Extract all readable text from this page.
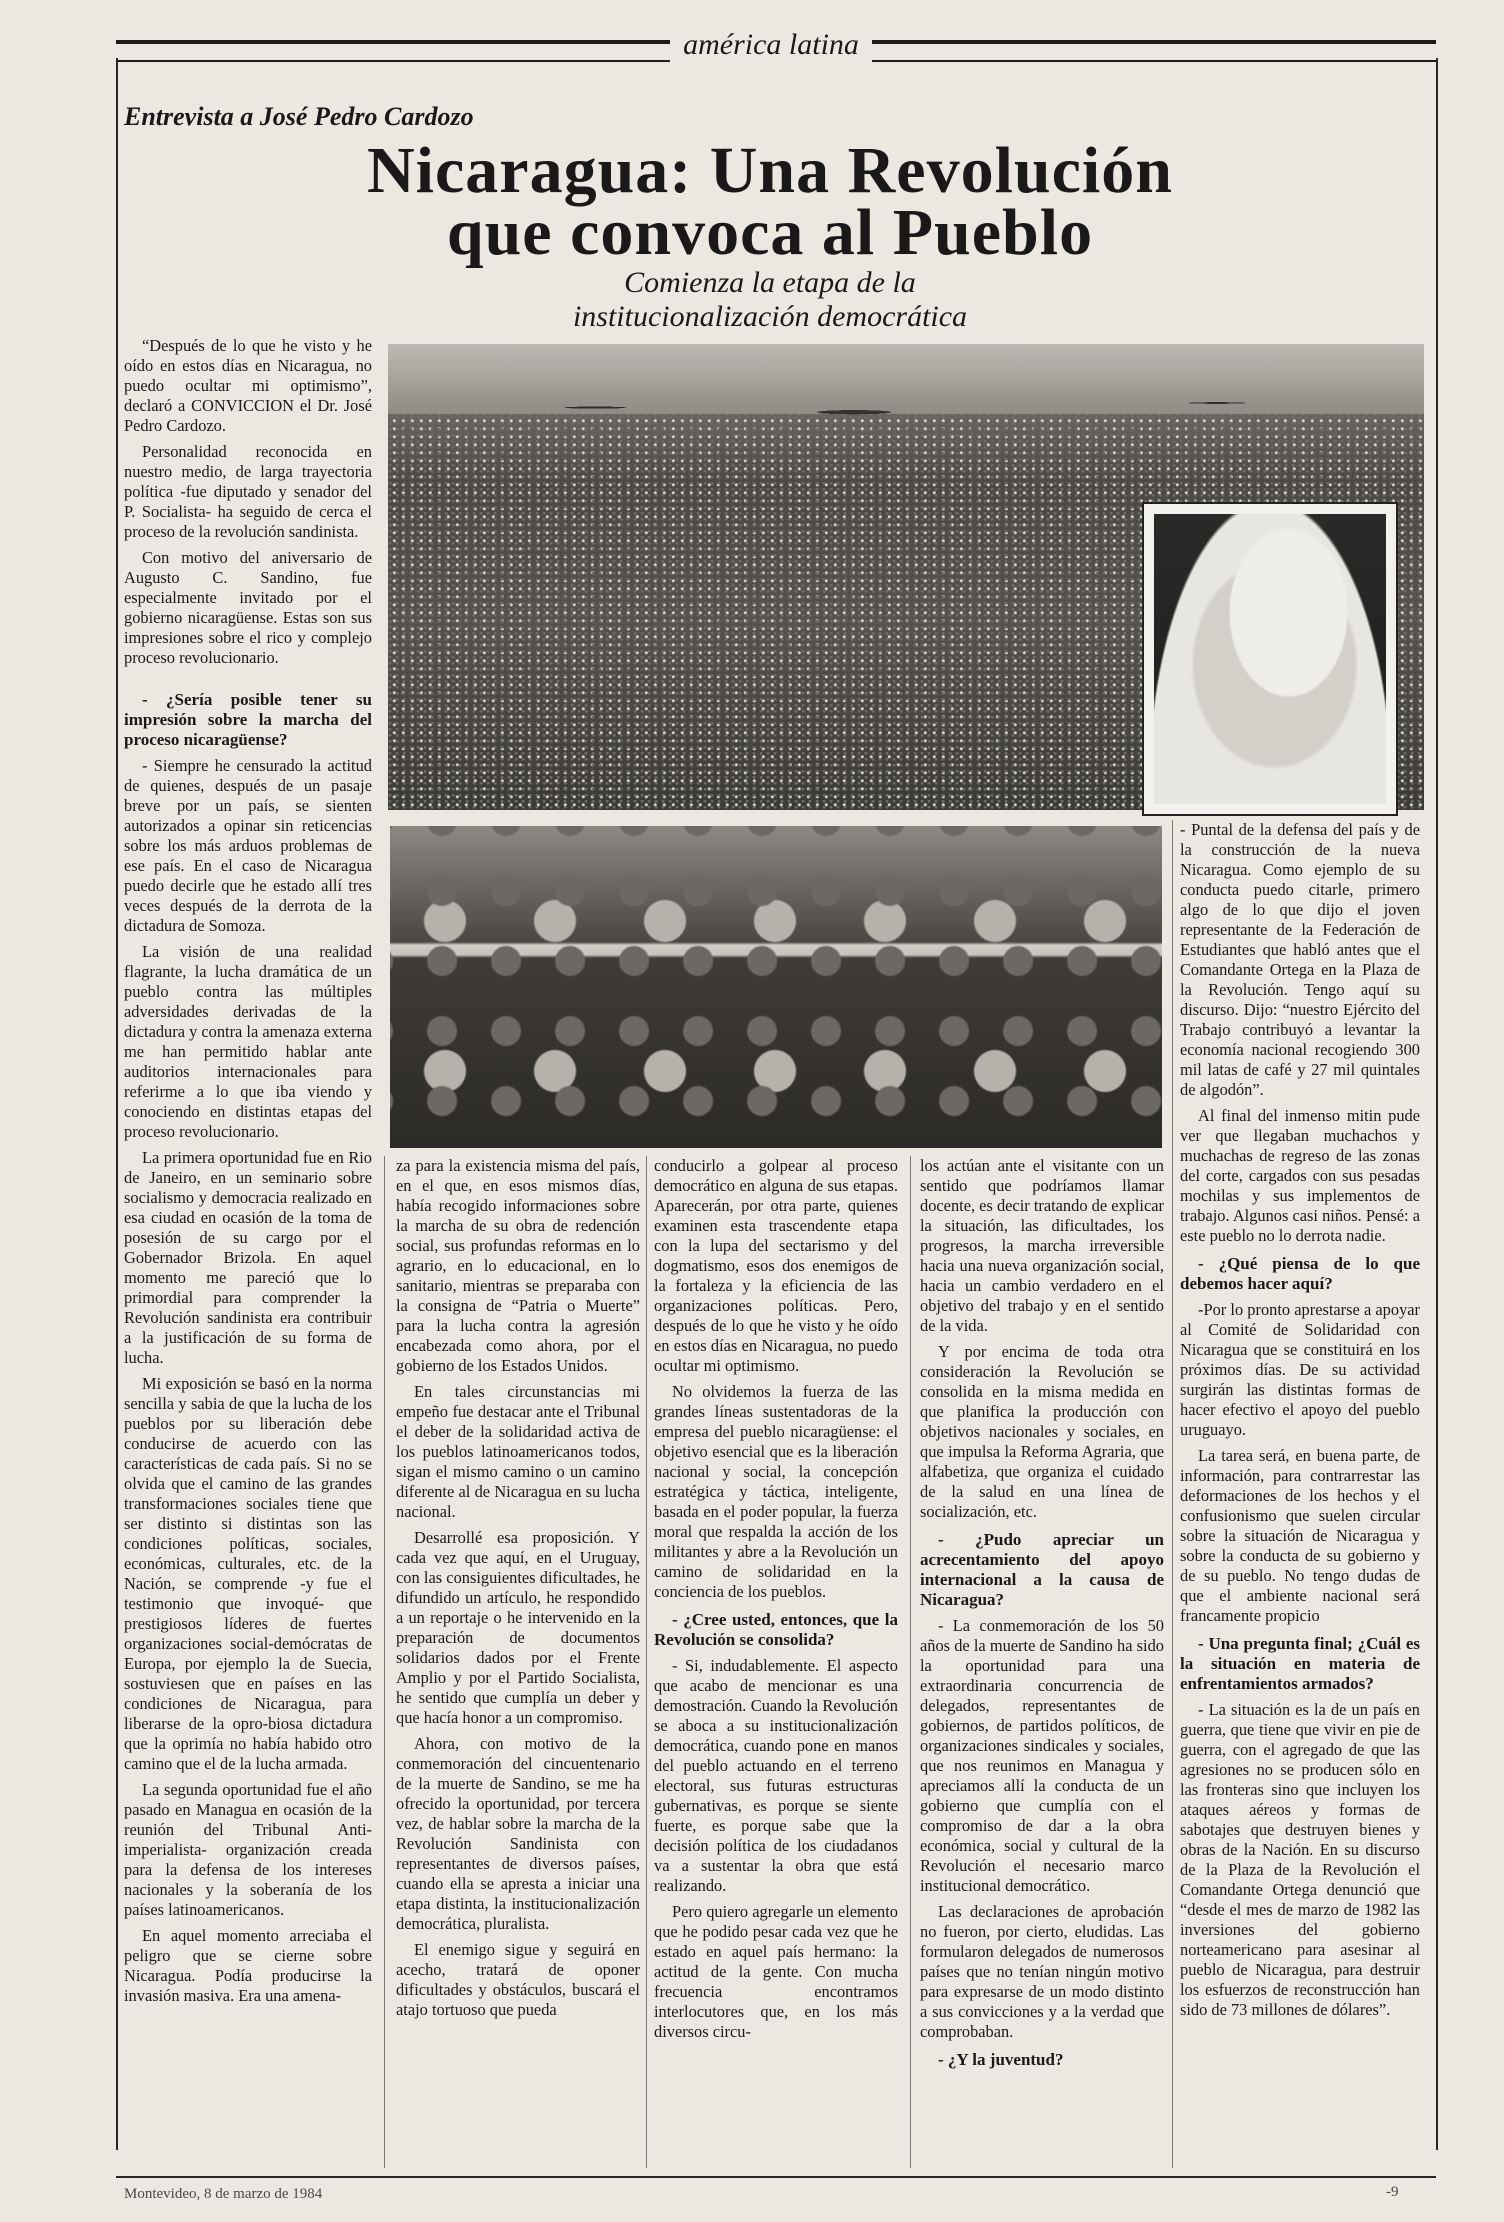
américa latina
Entrevista a José Pedro Cardozo
Nicaragua: Una Revolución
que convoca al Pueblo
Comienza la etapa de la
institucionalización democrática

“Después de lo que he visto y he oído en estos días en Nicaragua, no puedo ocultar mi optimismo”, declaró a CONVICCION el Dr. José Pedro Cardozo.

Personalidad reconocida en nuestro medio, de larga trayectoria política -fue diputado y senador del P. Socialista- ha seguido de cerca el proceso de la revolución sandinista.

Con motivo del aniversario de Augusto C. Sandino, fue especialmente invitado por el gobierno nicaragüense. Estas son sus impresiones sobre el rico y complejo proceso revolucionario.

- ¿Sería posible tener su impresión sobre la marcha del proceso nicaragüense?

- Siempre he censurado la actitud de quienes, después de un pasaje breve por un país, se sienten autorizados a opinar sin reticencias sobre los más arduos problemas de ese país. En el caso de Nicaragua puedo decirle que he estado allí tres veces después de la derrota de la dictadura de Somoza.

La visión de una realidad flagrante, la lucha dramática de un pueblo contra las múltiples adversidades derivadas de la dictadura y contra la amenaza externa me han permitido hablar ante auditorios internacionales para referirme a lo que iba viendo y conociendo en distintas etapas del proceso revolucionario.

La primera oportunidad fue en Rio de Janeiro, en un seminario sobre socialismo y democracia realizado en esa ciudad en ocasión de la toma de posesión de su cargo por el Gobernador Brizola. En aquel momento me pareció que lo primordial para comprender la Revolución sandinista era contribuir a la justificación de su forma de lucha.

Mi exposición se basó en la norma sencilla y sabia de que la lucha de los pueblos por su liberación debe conducirse de acuerdo con las características de cada país. Si no se olvida que el camino de las grandes transformaciones sociales tiene que ser distinto si distintas son las condiciones políticas, sociales, económicas, culturales, etc. de la Nación, se comprende -y fue el testimonio que invoqué- que prestigiosos líderes de fuertes organizaciones social-demócratas de Europa, por ejemplo la de Suecia, sostuviesen que en países en las condiciones de Nicaragua, para liberarse de la opro-biosa dictadura que la oprimía no había habido otro camino que el de la lucha armada.

La segunda oportunidad fue el año pasado en Managua en ocasión de la reunión del Tribunal Anti-imperialista- organización creada para la defensa de los intereses nacionales y la soberanía de los países latinoamericanos.

En aquel momento arreciaba el peligro que se cierne sobre Nicaragua. Podía producirse la invasión masiva. Era una amena-

za para la existencia misma del país, en el que, en esos mismos días, había recogido informaciones sobre la marcha de su obra de redención social, sus profundas reformas en lo agrario, en lo educacional, en lo sanitario, mientras se preparaba con la consigna de “Patria o Muerte” para la lucha contra la agresión encabezada como ahora, por el gobierno de los Estados Unidos.

En tales circunstancias mi empeño fue destacar ante el Tribunal el deber de la solidaridad activa de los pueblos latinoamericanos todos, sigan el mismo camino o un camino diferente al de Nicaragua en su lucha nacional.

Desarrollé esa proposición. Y cada vez que aquí, en el Uruguay, con las consiguientes dificultades, he difundido un artículo, he respondido a un reportaje o he intervenido en la preparación de documentos solidarios dados por el Frente Amplio y por el Partido Socialista, he sentido que cumplía un deber y que hacía honor a un compromiso.

Ahora, con motivo de la conmemoración del cincuentenario de la muerte de Sandino, se me ha ofrecido la oportunidad, por tercera vez, de hablar sobre la marcha de la Revolución Sandinista con representantes de diversos países, cuando ella se apresta a iniciar una etapa distinta, la institucionalización democrática, pluralista.

El enemigo sigue y seguirá en acecho, tratará de oponer dificultades y obstáculos, buscará el atajo tortuoso que pueda

conducirlo a golpear al proceso democrático en alguna de sus etapas. Aparecerán, por otra parte, quienes examinen esta trascendente etapa con la lupa del sectarismo y del dogmatismo, esos dos enemigos de la fortaleza y la eficiencia de las organizaciones políticas. Pero, después de lo que he visto y he oído en estos días en Nicaragua, no puedo ocultar mi optimismo.

No olvidemos la fuerza de las grandes líneas sustentadoras de la empresa del pueblo nicaragüense: el objetivo esencial que es la liberación nacional y social, la concepción estratégica y táctica, inteligente, basada en el poder popular, la fuerza moral que respalda la acción de los militantes y abre a la Revolución un camino de solidaridad en la conciencia de los pueblos.

- ¿Cree usted, entonces, que la Revolución se consolida?

- Si, indudablemente. El aspecto que acabo de mencionar es una demostración. Cuando la Revolución se aboca a su institucionalización democrática, cuando pone en manos del pueblo actuando en el terreno electoral, sus futuras estructuras gubernativas, es porque se siente fuerte, es porque sabe que la decisión política de los ciudadanos va a sustentar la obra que está realizando.

Pero quiero agregarle un elemento que he podido pesar cada vez que he estado en aquel país hermano: la actitud de la gente. Con mucha frecuencia encontramos interlocutores que, en los más diversos circu-

los actúan ante el visitante con un sentido que podríamos llamar docente, es decir tratando de explicar la situación, las dificultades, los progresos, la marcha irreversible hacia una nueva organización social, hacia un cambio verdadero en el objetivo del trabajo y en el sentido de la vida.

Y por encima de toda otra consideración la Revolución se consolida en la misma medida en que planifica la producción con objetivos nacionales y sociales, en que impulsa la Reforma Agraria, que alfabetiza, que organiza el cuidado de la salud en una línea de socialización, etc.

- ¿Pudo apreciar un acrecentamiento del apoyo internacional a la causa de Nicaragua?

- La conmemoración de los 50 años de la muerte de Sandino ha sido la oportunidad para una extraordinaria concurrencia de delegados, representantes de gobiernos, de partidos políticos, de organizaciones sindicales y sociales, que nos reunimos en Managua y apreciamos allí la conducta de un gobierno que cumplía con el compromiso de dar a la obra económica, social y cultural de la Revolución el necesario marco institucional democrático.

Las declaraciones de aprobación no fueron, por cierto, eludidas. Las formularon delegados de numerosos países que no tenían ningún motivo para expresarse de un modo distinto a sus convicciones y a la verdad que comprobaban.

- ¿Y la juventud?

- Puntal de la defensa del país y de la construcción de la nueva Nicaragua. Como ejemplo de su conducta puedo citarle, primero algo de lo que dijo el joven representante de la Federación de Estudiantes que habló antes que el Comandante Ortega en la Plaza de la Revolución. Tengo aquí su discurso. Dijo: “nuestro Ejército del Trabajo contribuyó a levantar la economía nacional recogiendo 300 mil latas de café y 27 mil quintales de algodón”.

Al final del inmenso mitin pude ver que llegaban muchachos y muchachas de regreso de las zonas del corte, cargados con sus pesadas mochilas y sus implementos de trabajo. Algunos casi niños. Pensé: a este pueblo no lo derrota nadie.

- ¿Qué piensa de lo que debemos hacer aquí?

-Por lo pronto aprestarse a apoyar al Comité de Solidaridad con Nicaragua que se constituirá en los próximos días. De su actividad surgirán las distintas formas de hacer efectivo el apoyo del pueblo uruguayo.

La tarea será, en buena parte, de información, para contrarrestar las deformaciones de los hechos y el confusionismo que suelen circular sobre la situación de Nicaragua y sobre la conducta de su gobierno y de su pueblo. No tengo dudas de que el ambiente nacional será francamente propicio

- Una pregunta final; ¿Cuál es la situación en materia de enfrentamientos armados?

- La situación es la de un país en guerra, que tiene que vivir en pie de guerra, con el agregado de que las agresiones no se producen sólo en las fronteras sino que incluyen los ataques aéreos y formas de sabotajes que destruyen bienes y obras de la Nación. En su discurso de la Plaza de la Revolución el Comandante Ortega denunció que “desde el mes de marzo de 1982 las inversiones del gobierno norteamericano para asesinar al pueblo de Nicaragua, para destruir los esfuerzos de reconstrucción han sido de 73 millones de dólares”.

Montevideo, 8 de marzo de 1984	-9
